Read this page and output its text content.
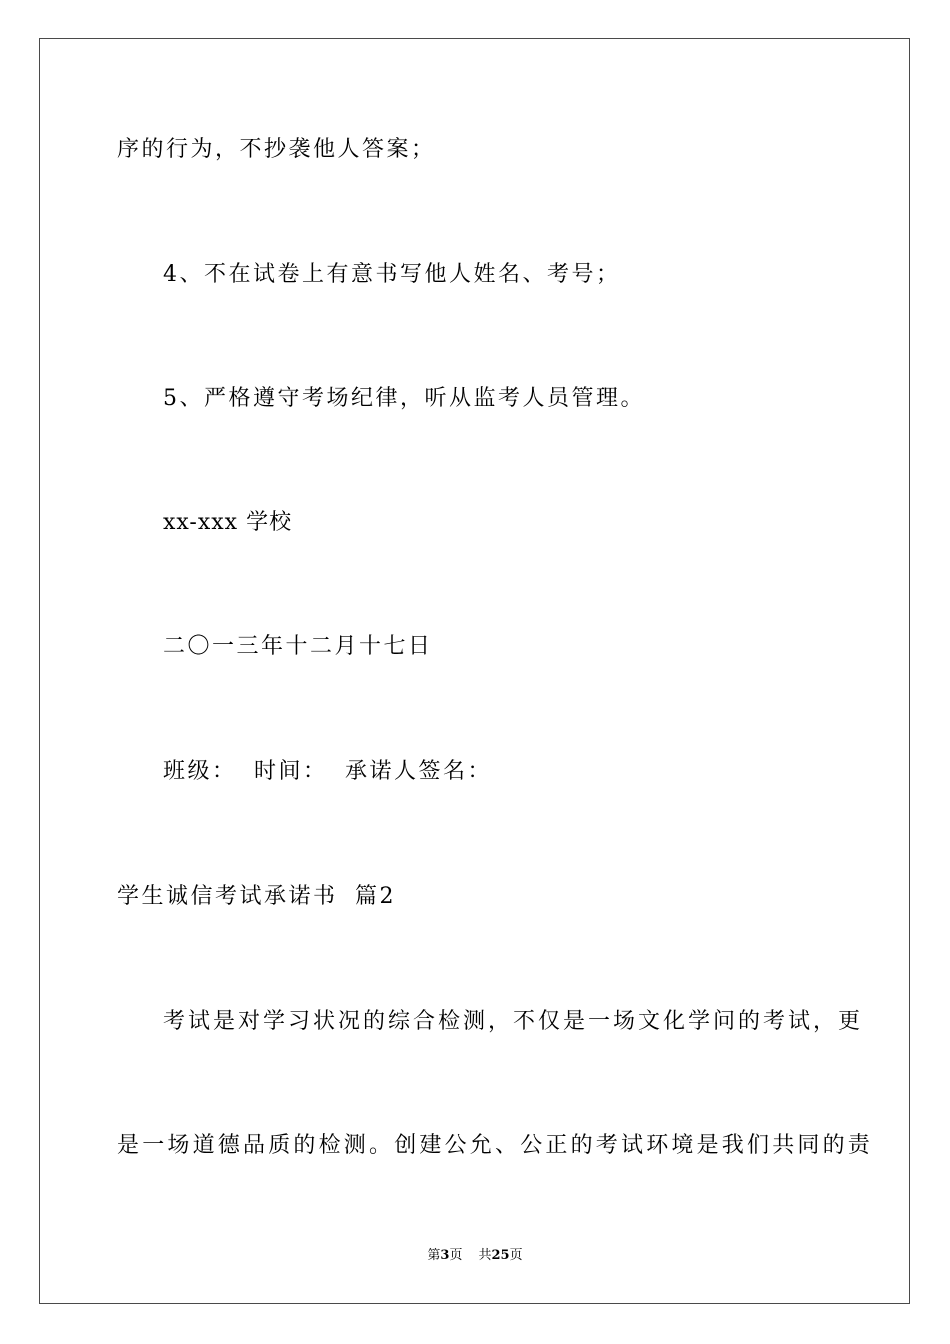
序的行为，不抄袭他人答案；
4、不在试卷上有意书写他人姓名、考号；
5、严格遵守考场纪律，听从监考人员管理。
xx-xxx 学校
二〇一三年十二月十七日
班级： 时间： 承诺人签名：
学生诚信考试承诺书 篇2
考试是对学习状况的综合检测，不仅是一场文化学问的考试，更
是一场道德品质的检测。创建公允、公正的考试环境是我们共同的责
第3页 共25页
